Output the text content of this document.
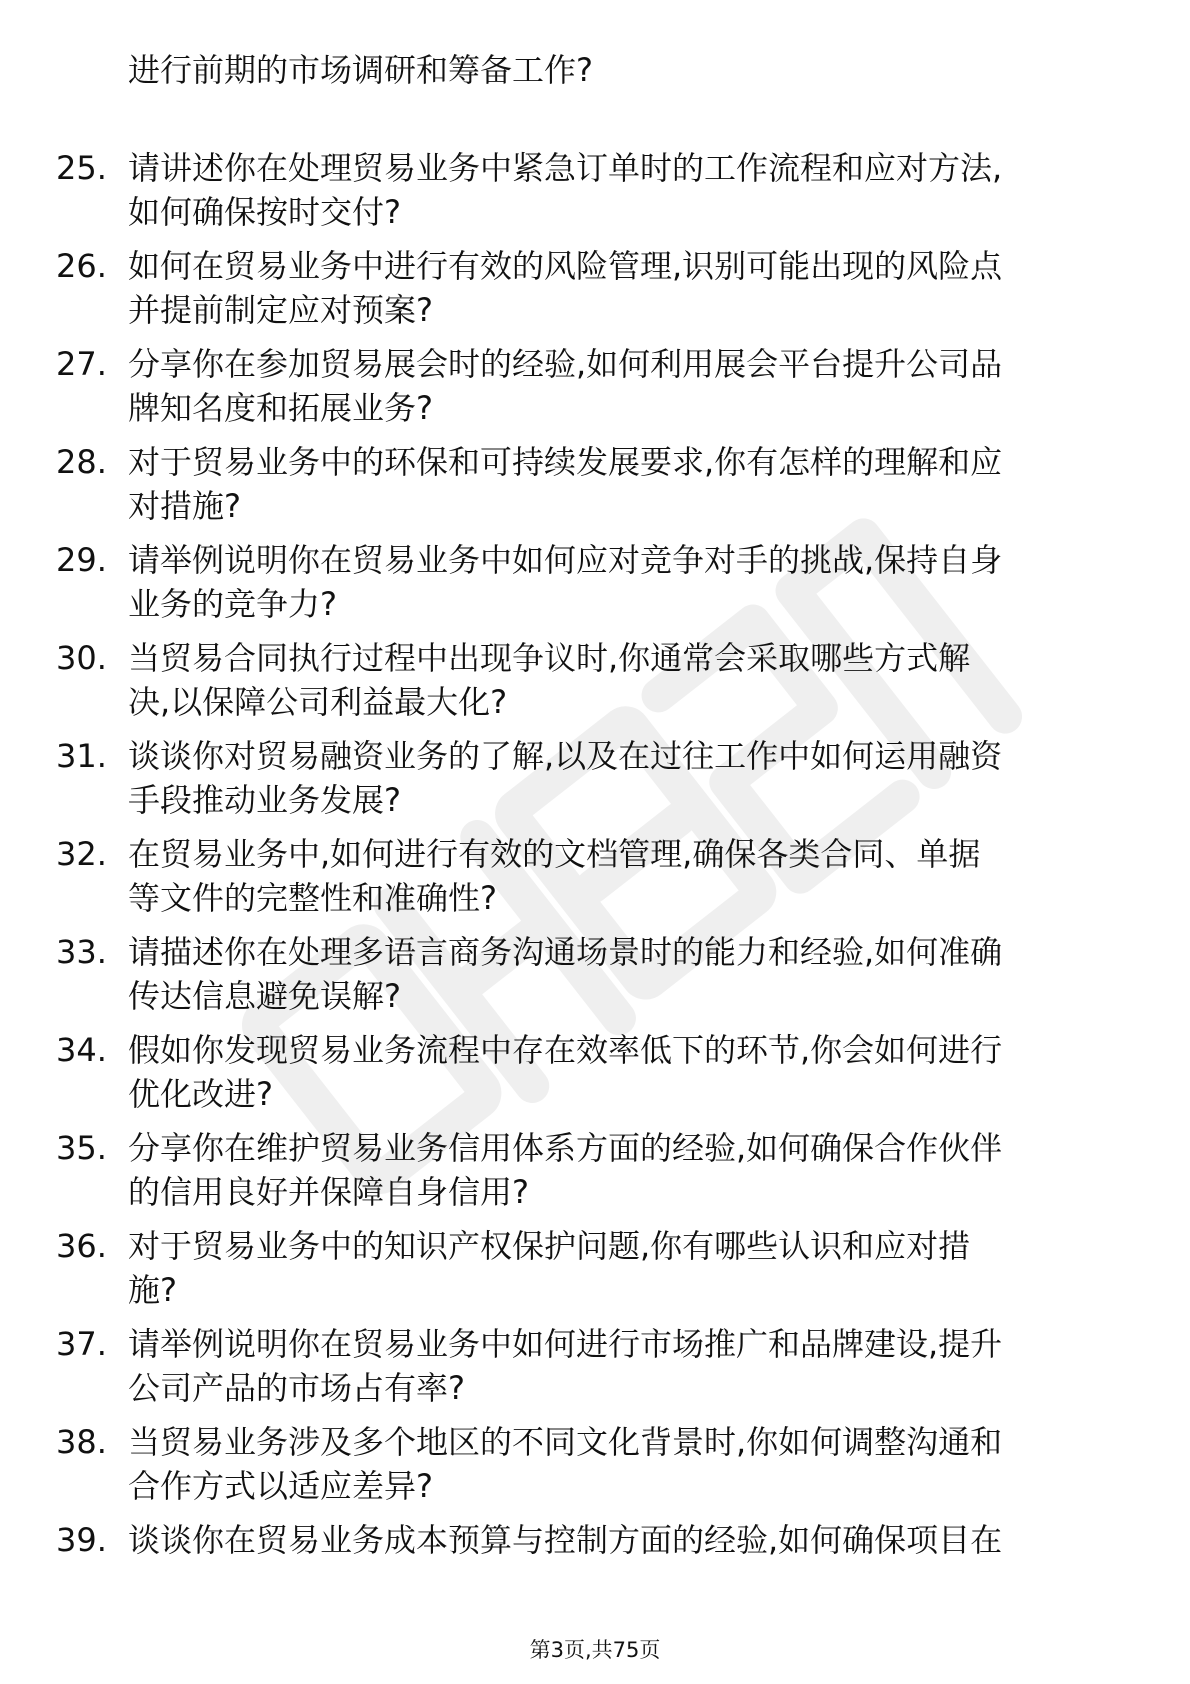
进行前期的市场调研和筹备工作?
25. 请讲述你在处理贸易业务中紧急订单时的工作流程和应对方法,
如何确保按时交付?
26. 如何在贸易业务中进行有效的风险管理,识别可能出现的风险点
并提前制定应对预案?
27. 分享你在参加贸易展会时的经验,如何利用展会平台提升公司品
牌知名度和拓展业务?
28. 对于贸易业务中的环保和可持续发展要求,你有怎样的理解和应
对措施?
29. 请举例说明你在贸易业务中如何应对竞争对手的挑战,保持自身
业务的竞争力?
30. 当贸易合同执行过程中出现争议时,你通常会采取哪些方式解
决,以保障公司利益最大化?
31. 谈谈你对贸易融资业务的了解,以及在过往工作中如何运用融资
手段推动业务发展?
32. 在贸易业务中,如何进行有效的文档管理,确保各类合同、单据
等文件的完整性和准确性?
33. 请描述你在处理多语言商务沟通场景时的能力和经验,如何准确
传达信息避免误解?
34. 假如你发现贸易业务流程中存在效率低下的环节,你会如何进行
优化改进?
35. 分享你在维护贸易业务信用体系方面的经验,如何确保合作伙伴
的信用良好并保障自身信用?
36. 对于贸易业务中的知识产权保护问题,你有哪些认识和应对措
施?
37. 请举例说明你在贸易业务中如何进行市场推广和品牌建设,提升
公司产品的市场占有率?
38. 当贸易业务涉及多个地区的不同文化背景时,你如何调整沟通和
合作方式以适应差异?
39. 谈谈你在贸易业务成本预算与控制方面的经验,如何确保项目在
第3页,共75页
